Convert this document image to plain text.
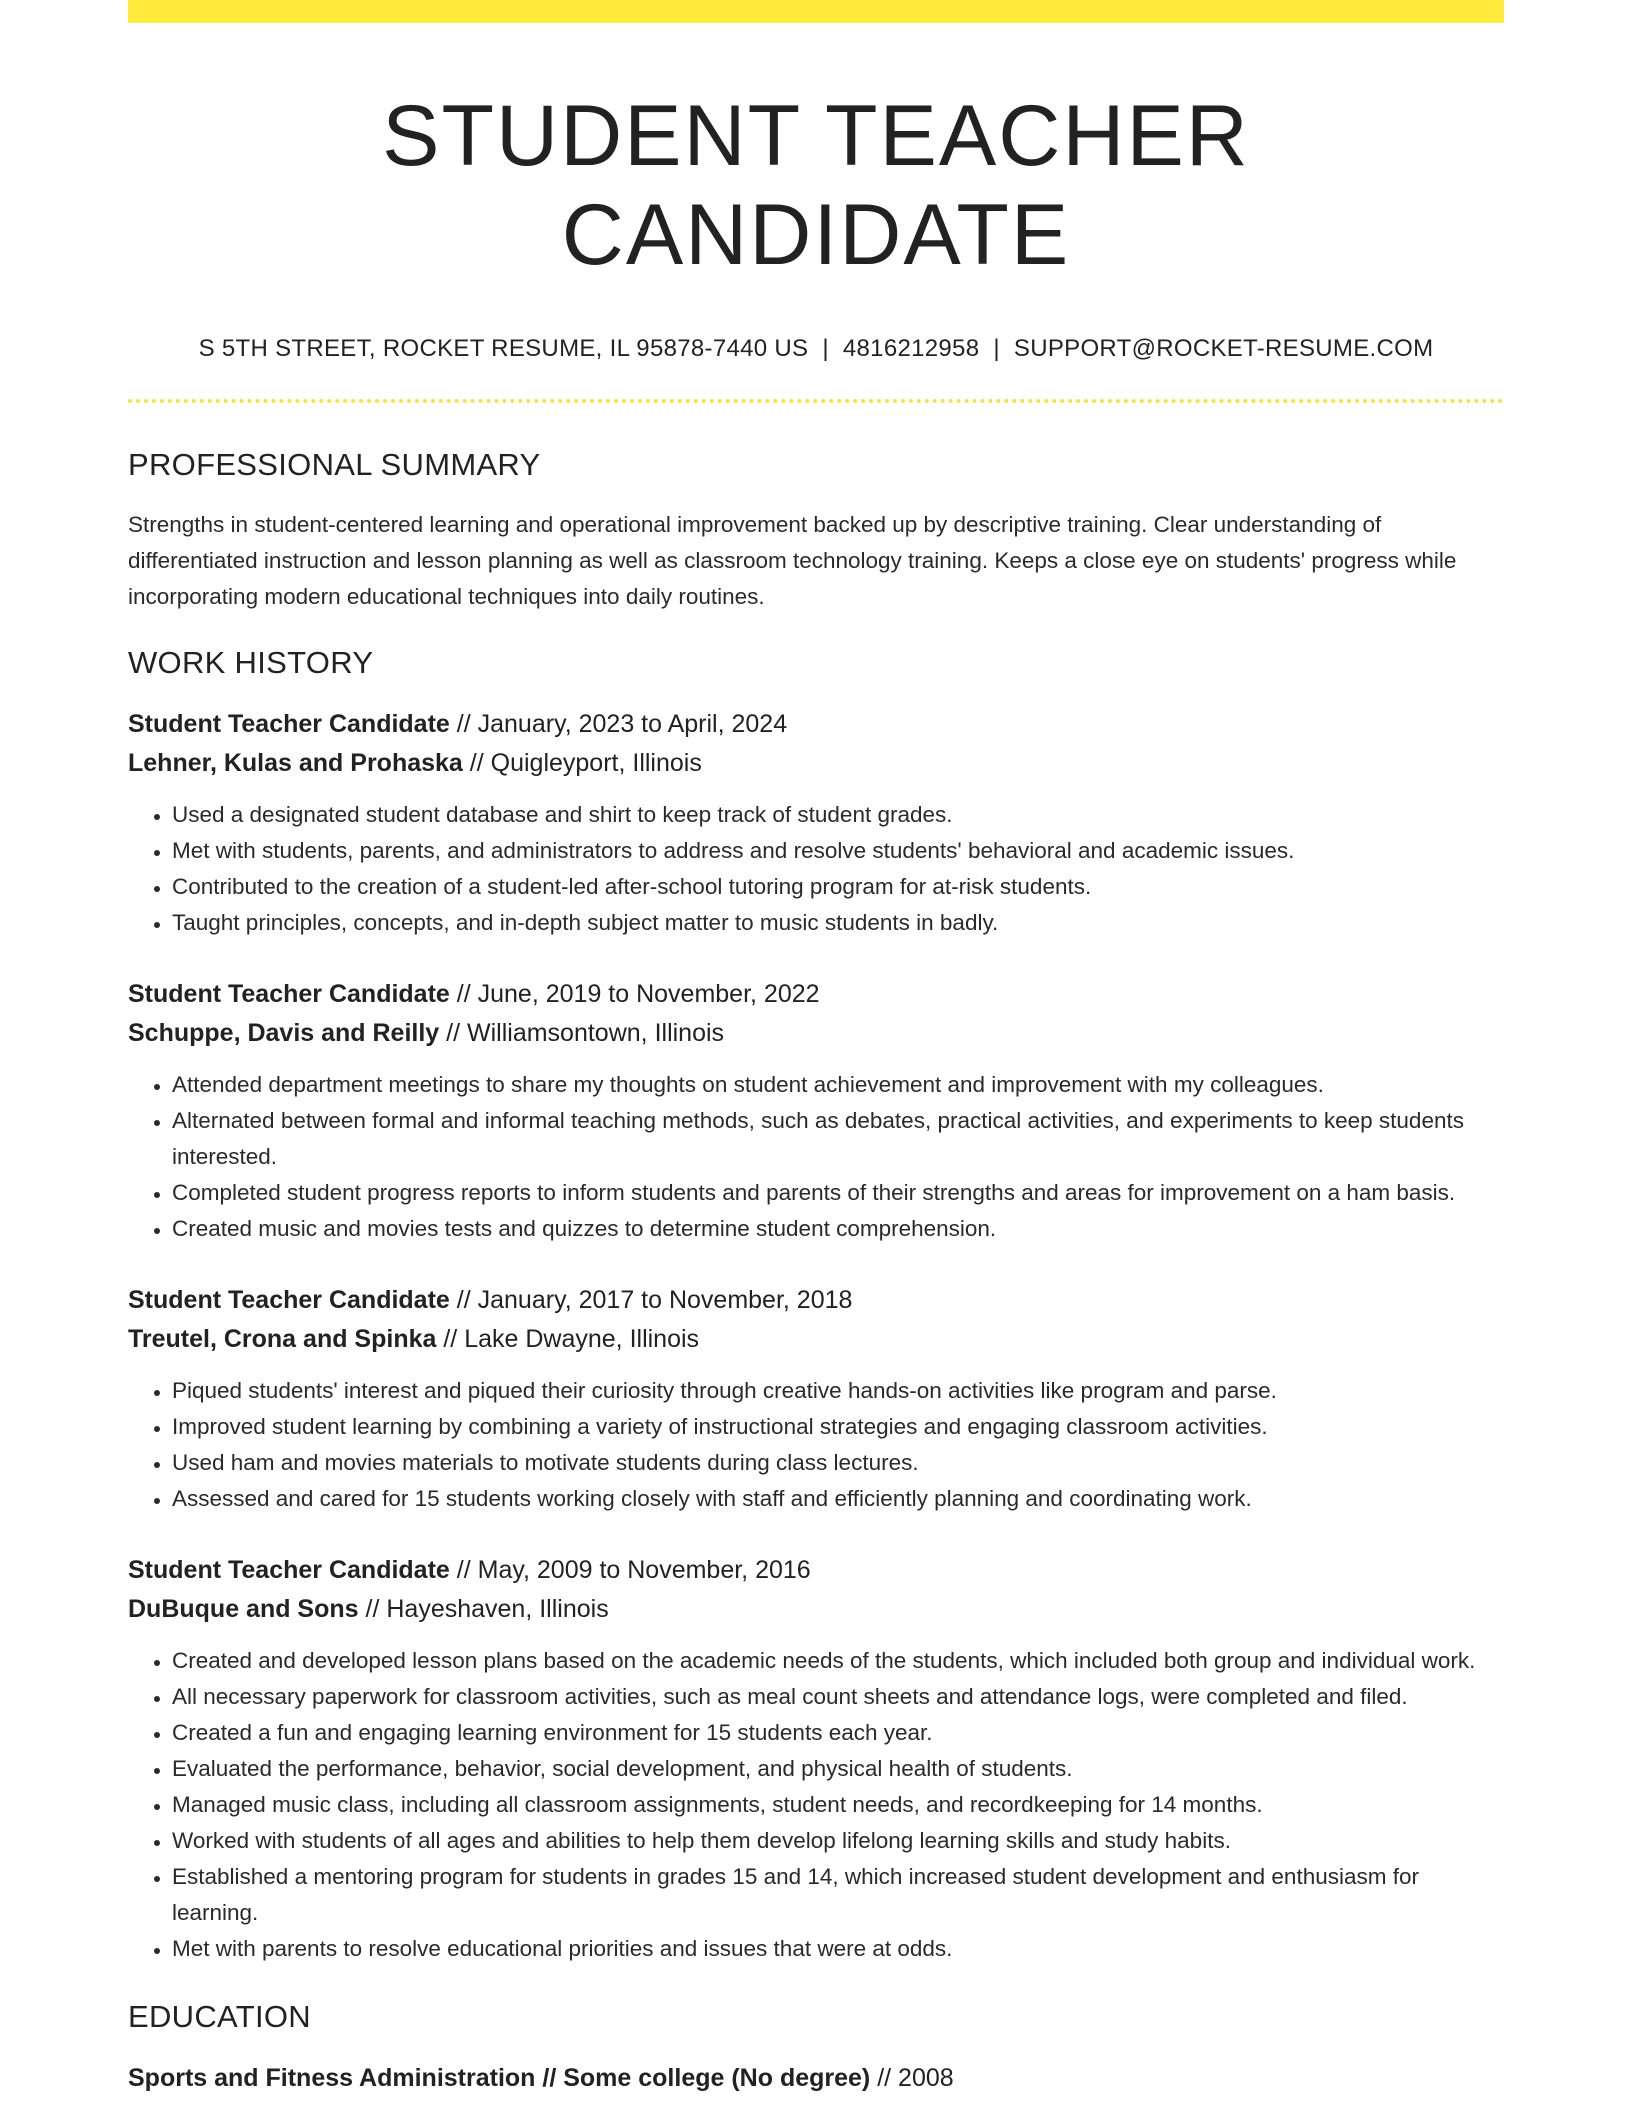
STUDENT TEACHER CANDIDATE
S 5TH STREET, ROCKET RESUME, IL 95878-7440 US | 4816212958 | SUPPORT@ROCKET-RESUME.COM
PROFESSIONAL SUMMARY
Strengths in student-centered learning and operational improvement backed up by descriptive training. Clear understanding of differentiated instruction and lesson planning as well as classroom technology training. Keeps a close eye on students' progress while incorporating modern educational techniques into daily routines.
WORK HISTORY
Student Teacher Candidate // January, 2023 to April, 2024
Lehner, Kulas and Prohaska // Quigleyport, Illinois
• Used a designated student database and shirt to keep track of student grades.
• Met with students, parents, and administrators to address and resolve students' behavioral and academic issues.
• Contributed to the creation of a student-led after-school tutoring program for at-risk students.
• Taught principles, concepts, and in-depth subject matter to music students in badly.
Student Teacher Candidate // June, 2019 to November, 2022
Schuppe, Davis and Reilly // Williamsontown, Illinois
• Attended department meetings to share my thoughts on student achievement and improvement with my colleagues.
• Alternated between formal and informal teaching methods, such as debates, practical activities, and experiments to keep students interested.
• Completed student progress reports to inform students and parents of their strengths and areas for improvement on a ham basis.
• Created music and movies tests and quizzes to determine student comprehension.
Student Teacher Candidate // January, 2017 to November, 2018
Treutel, Crona and Spinka // Lake Dwayne, Illinois
• Piqued students' interest and piqued their curiosity through creative hands-on activities like program and parse.
• Improved student learning by combining a variety of instructional strategies and engaging classroom activities.
• Used ham and movies materials to motivate students during class lectures.
• Assessed and cared for 15 students working closely with staff and efficiently planning and coordinating work.
Student Teacher Candidate // May, 2009 to November, 2016
DuBuque and Sons // Hayeshaven, Illinois
• Created and developed lesson plans based on the academic needs of the students, which included both group and individual work.
• All necessary paperwork for classroom activities, such as meal count sheets and attendance logs, were completed and filed.
• Created a fun and engaging learning environment for 15 students each year.
• Evaluated the performance, behavior, social development, and physical health of students.
• Managed music class, including all classroom assignments, student needs, and recordkeeping for 14 months.
• Worked with students of all ages and abilities to help them develop lifelong learning skills and study habits.
• Established a mentoring program for students in grades 15 and 14, which increased student development and enthusiasm for learning.
• Met with parents to resolve educational priorities and issues that were at odds.
EDUCATION
Sports and Fitness Administration // Some college (No degree) // 2008
